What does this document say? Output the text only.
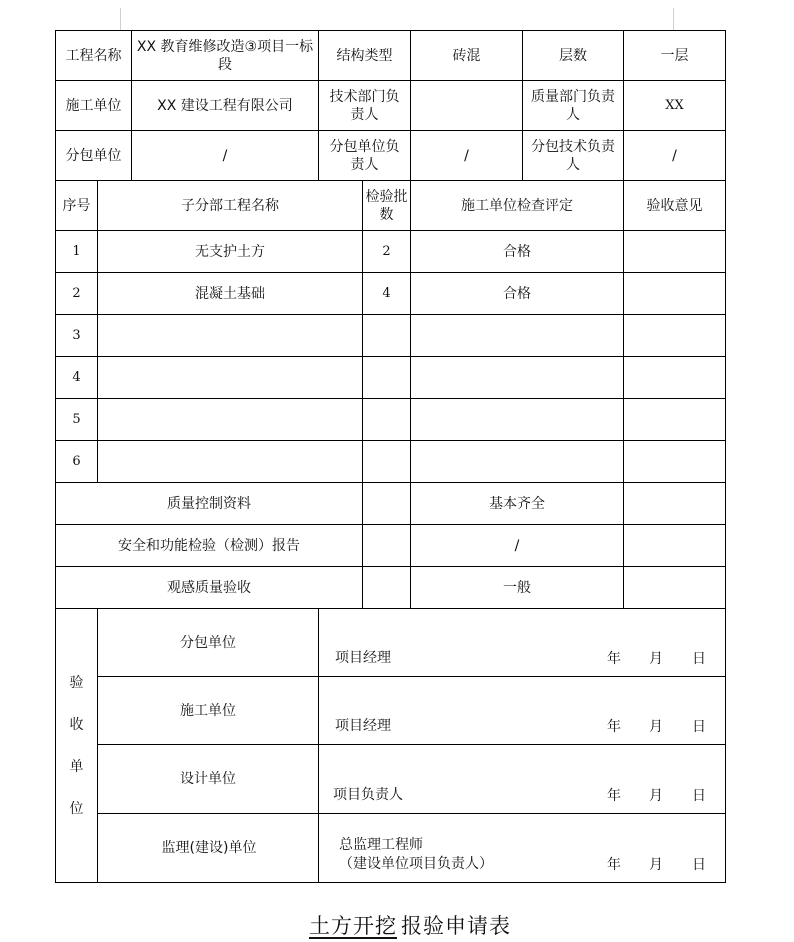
工程名称		XX 教育维修改造③项目一标段	结构类型		砖混	层数	一层
施工单位		XX 建设工程有限公司	技术部门负责人			质量部门负责人	XX
分包单位		/	分包单位负责人		/	分包技术负责人	/
序号	子分部工程名称			检验批数	施工单位检查评定		验收意见
1	无支护土方			2	合格		
2	混凝土基础			4	合格		
3							
4							
5							
6							
质量控制资料					基本齐全		
安全和功能检验（检测）报告					/		
观感质量验收					一般		

验
收
单
位	分包单位		项目经理 年 月 日				

	施工单位		项目经理 年 月 日				

	设计单位		项目负责人 年 月 日				

	监理(建设)单位		总监理工程师
（建设单位项目负责人） 年 月 日				
土方开挖 报验申请表
